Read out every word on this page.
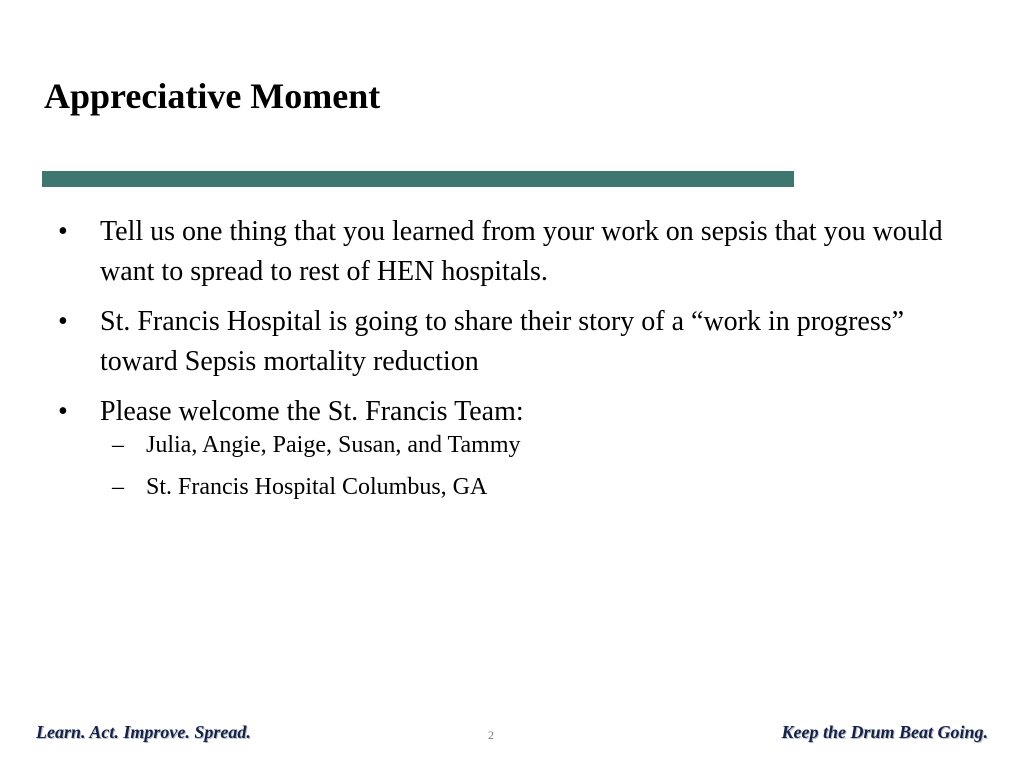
Appreciative Moment
• Tell us one thing that you learned from your work on sepsis that you would want to spread to rest of HEN hospitals.
• St. Francis Hospital is going to share their story of a “work in progress” toward Sepsis mortality reduction
• Please welcome the St. Francis Team:
– Julia, Angie, Paige, Susan, and Tammy
– St. Francis Hospital Columbus, GA
Learn. Act. Improve. Spread.	2	Keep the Drum Beat Going.
